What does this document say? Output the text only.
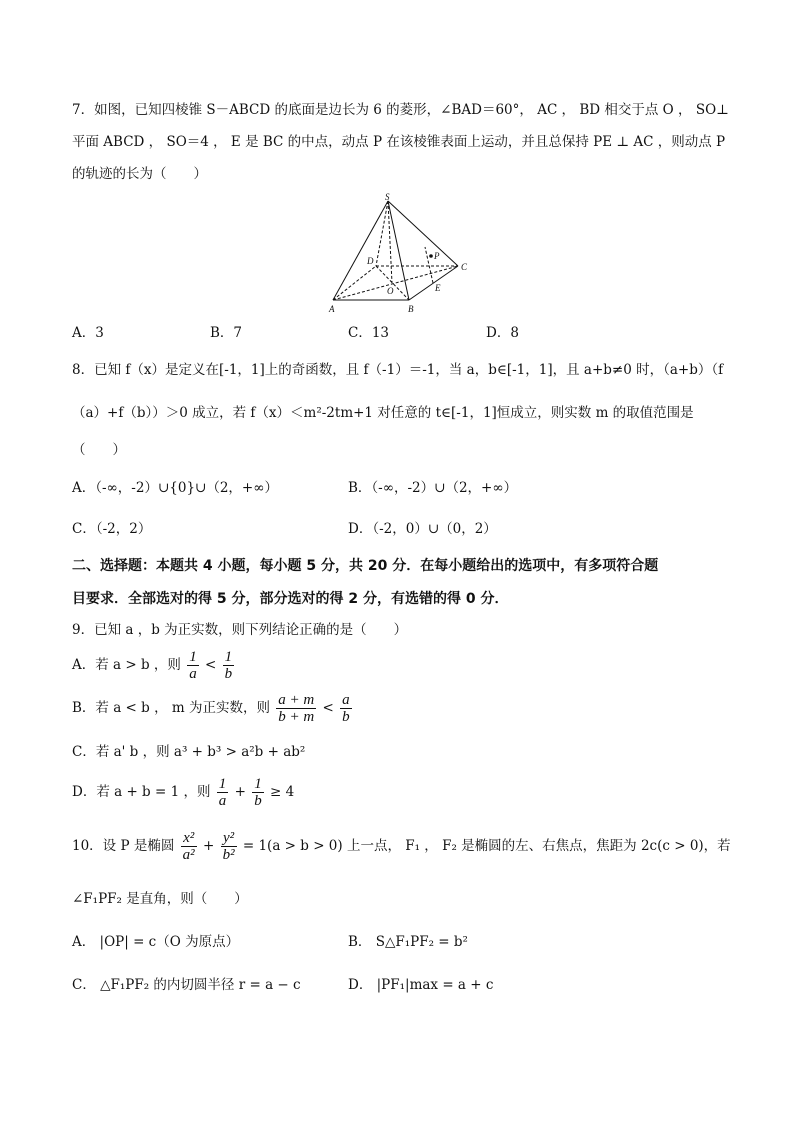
7．如图，已知四棱锥 S－ABCD 的底面是边长为 6 的菱形，∠BAD＝60°， AC ， BD 相交于点 O ， SO⊥
平面 ABCD ， SO＝4 ， E 是 BC 的中点，动点 P 在该棱锥表面上运动，并且总保持 PE ⊥ AC ，则动点 P
的轨迹的长为（　　）
S
D	P
C
O	E
A	B
A．3	B．7	C．13	D．8
8．已知 f（x）是定义在[-1，1]上的奇函数，且 f（-1）＝-1，当 a，b∈[-1，1]，且 a+b≠0 时，（a+b）（f
（a）+f（b））＞0 成立，若 f（x）＜m²-2tm+1 对任意的 t∈[-1，1]恒成立，则实数 m 的取值范围是
（　　）
A．（-∞，-2）∪{0}∪（2，+∞）	B．（-∞，-2）∪（2，+∞）
C．（-2，2）	D．（-2，0）∪（0，2）
二、选择题：本题共 4 小题，每小题 5 分，共 20 分．在每小题给出的选项中，有多项符合题
目要求．全部选对的得 5 分，部分选对的得 2 分，有选错的得 0 分．
9．已知 a ，b 为正实数，则下列结论正确的是（　　）
A．若 a > b ，则 $\frac{1}{a} < \frac{1}{b}$
B．若 a < b ， m 为正实数，则 $\frac{a + m}{b + m} < \frac{a}{b}$
C．若 a' b ，则 a³ + b³ > a²b + ab²
D．若 a + b = 1 ，则 $\frac{1}{a} + \frac{1}{b} \ge 4$
10．设 P 是椭圆 $\frac{\text{x²}}{\text{a²}} + \frac{\text{y²}}{\text{b²}} = 1(a > b > 0)$ 上一点， F₁ ， F₂ 是椭圆的左、右焦点，焦距为 2c(c > 0)，若
∠F₁PF₂ 是直角，则（　　）
A． |OP| = c（O 为原点）	B． S△F₁PF₂ = b²
C． △F₁PF₂ 的内切圆半径 r = a − c	D． |PF₁|max = a + c
